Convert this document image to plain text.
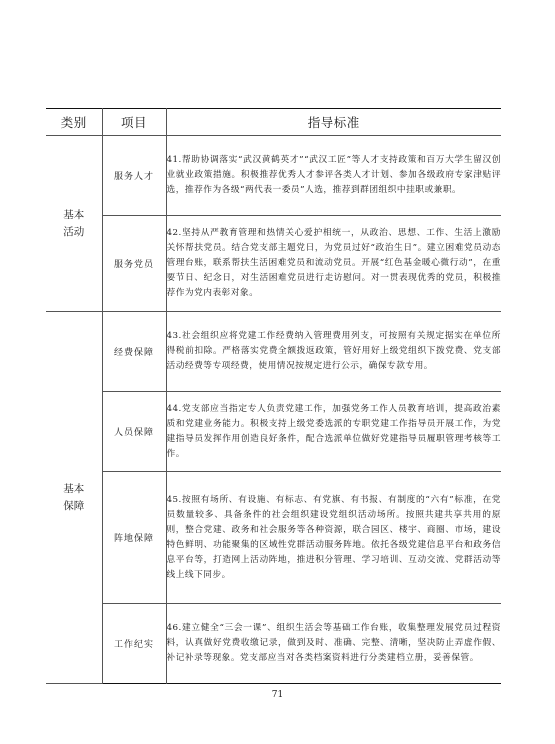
类别	项目	指导标准

基本
活动	服务人才	41.帮助协调落实“武汉黄鹤英才”“武汉工匠”等人才支持政策和百万大学生留汉创业就业政策措施。积极推荐优秀人才参评各类人才计划、参加各级政府专家津贴评选，推荐作为各级“两代表一委员”人选，推荐到群团组织中挂职或兼职。
	服务党员	42.坚持从严教育管理和热情关心爱护相统一，从政治、思想、工作、生活上激励关怀帮扶党员。结合党支部主题党日，为党员过好“政治生日”。建立困难党员动态管理台账，联系帮扶生活困难党员和流动党员。开展“红色基金暖心微行动”，在重要节日、纪念日，对生活困难党员进行走访慰问。对一贯表现优秀的党员，积极推荐作为党内表彰对象。

基本
保障	经费保障	43.社会组织应将党建工作经费纳入管理费用列支，可按照有关规定据实在单位所得税前扣除。严格落实党费全额拨返政策，管好用好上级党组织下拨党费、党支部活动经费等专项经费，使用情况按规定进行公示，确保专款专用。
	人员保障	44.党支部应当指定专人负责党建工作，加强党务工作人员教育培训，提高政治素质和党建业务能力。积极支持上级党委选派的专职党建工作指导员开展工作，为党建指导员发挥作用创造良好条件，配合选派单位做好党建指导员履职管理考核等工作。
	阵地保障	45.按照有场所、有设施、有标志、有党旗、有书报、有制度的“六有”标准，在党员数量较多、具备条件的社会组织建设党组织活动场所。按照共建共享共用的原则，整合党建、政务和社会服务等各种资源，联合园区、楼宇、商圈、市场，建设特色鲜明、功能聚集的区域性党群活动服务阵地。依托各级党建信息平台和政务信息平台等，打造网上活动阵地，推进积分管理、学习培训、互动交流、党群活动等线上线下同步。
	工作纪实	46.建立健全“三会一课”、组织生活会等基础工作台账，收集整理发展党员过程资料，认真做好党费收缴记录，做到及时、准确、完整、清晰，坚决防止弄虚作假、补记补录等现象。党支部应当对各类档案资料进行分类建档立册，妥善保管。
71
